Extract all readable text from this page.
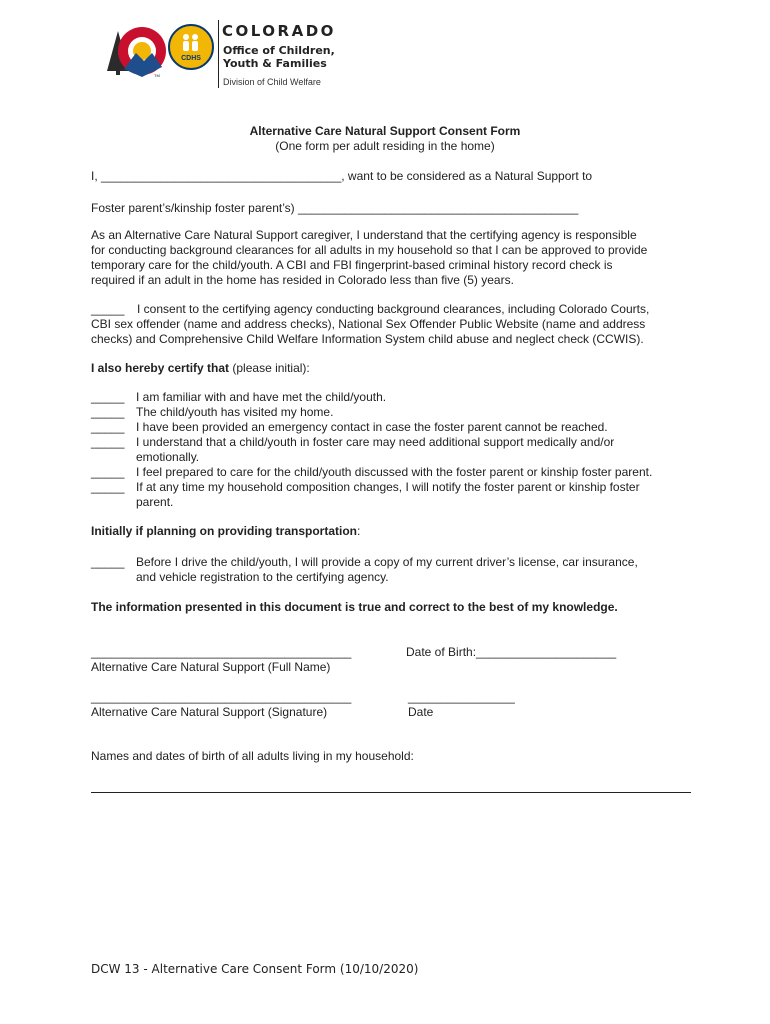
TM
CDHS
COLORADO
Office of Children,
Youth & Families
Division of Child Welfare
Alternative Care Natural Support Consent Form
(One form per adult residing in the home)
I, ____________________________________, want to be considered as a Natural Support to
Foster parent’s/kinship foster parent’s) __________________________________________
As an Alternative Care Natural Support caregiver, I understand that the certifying agency is responsible
for conducting background clearances for all adults in my household so that I can be approved to provide
temporary care for the child/youth. A CBI and FBI fingerprint-based criminal history record check is
required if an adult in the home has resided in Colorado less than five (5) years.
_____ I consent to the certifying agency conducting background clearances, including Colorado Courts,
CBI sex offender (name and address checks), National Sex Offender Public Website (name and address
checks) and Comprehensive Child Welfare Information System child abuse and neglect check (CCWIS).
I also hereby certify that (please initial):
_____ I am familiar with and have met the child/youth.
_____ The child/youth has visited my home.
_____ I have been provided an emergency contact in case the foster parent cannot be reached.
_____ I understand that a child/youth in foster care may need additional support medically and/or
emotionally.
_____ I feel prepared to care for the child/youth discussed with the foster parent or kinship foster parent.
_____ If at any time my household composition changes, I will notify the foster parent or kinship foster
parent.
Initially if planning on providing transportation:
_____ Before I drive the child/youth, I will provide a copy of my current driver’s license, car insurance,
and vehicle registration to the certifying agency.
The information presented in this document is true and correct to the best of my knowledge.
_______________________________________	Date of Birth:_____________________
Alternative Care Natural Support (Full Name)
_______________________________________	________________
Alternative Care Natural Support (Signature)	Date
Names and dates of birth of all adults living in my household:
DCW 13 - Alternative Care Consent Form (10/10/2020)
